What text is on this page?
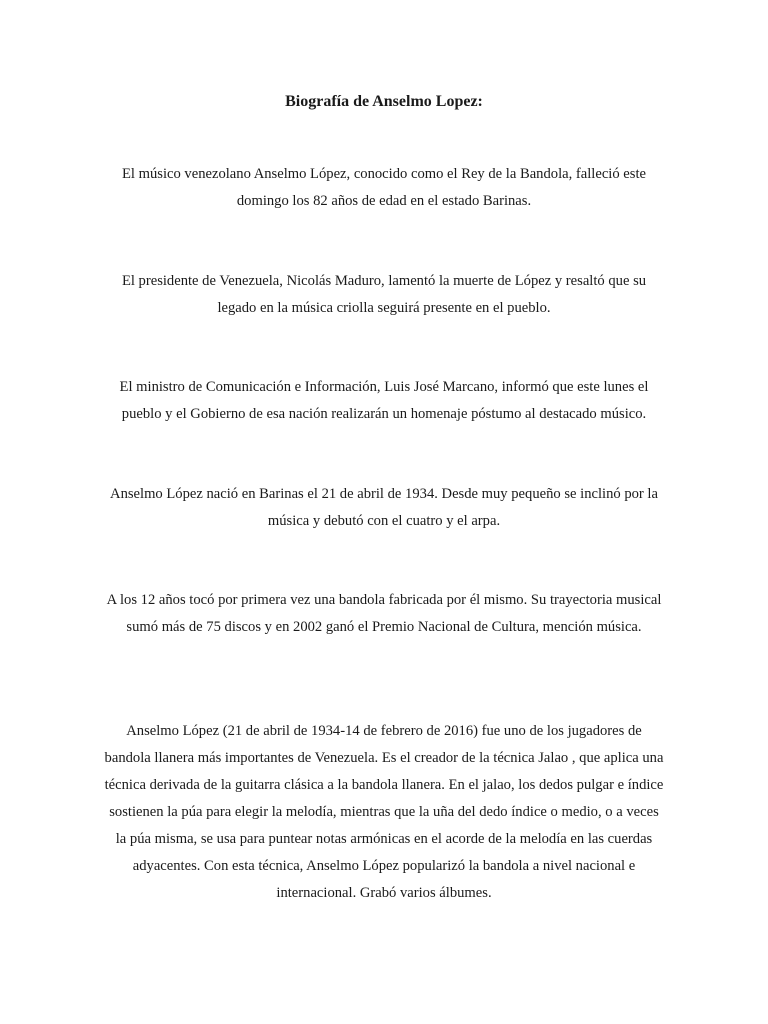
Biografía de Anselmo Lopez:

El músico venezolano Anselmo López, conocido como el Rey de la Bandola, falleció este domingo los 82 años de edad en el estado Barinas.

El presidente de Venezuela, Nicolás Maduro, lamentó la muerte de López y resaltó que su legado en la música criolla seguirá presente en el pueblo.

El ministro de Comunicación e Información, Luis José Marcano, informó que este lunes el pueblo y el Gobierno de esa nación realizarán un homenaje póstumo al destacado músico.

Anselmo López nació en Barinas el 21 de abril de 1934. Desde muy pequeño se inclinó por la música y debutó con el cuatro y el arpa.

A los 12 años tocó por primera vez una bandola fabricada por él mismo. Su trayectoria musical sumó más de 75 discos y en 2002 ganó el Premio Nacional de Cultura, mención música.

Anselmo López (21 de abril de 1934-14 de febrero de 2016) fue uno de los jugadores de bandola llanera más importantes de Venezuela. Es el creador de la técnica Jalao , que aplica una técnica derivada de la guitarra clásica a la bandola llanera. En el jalao, los dedos pulgar e índice sostienen la púa para elegir la melodía, mientras que la uña del dedo índice o medio, o a veces la púa misma, se usa para puntear notas armónicas en el acorde de la melodía en las cuerdas adyacentes. Con esta técnica, Anselmo López popularizó la bandola a nivel nacional e internacional. Grabó varios álbumes.
